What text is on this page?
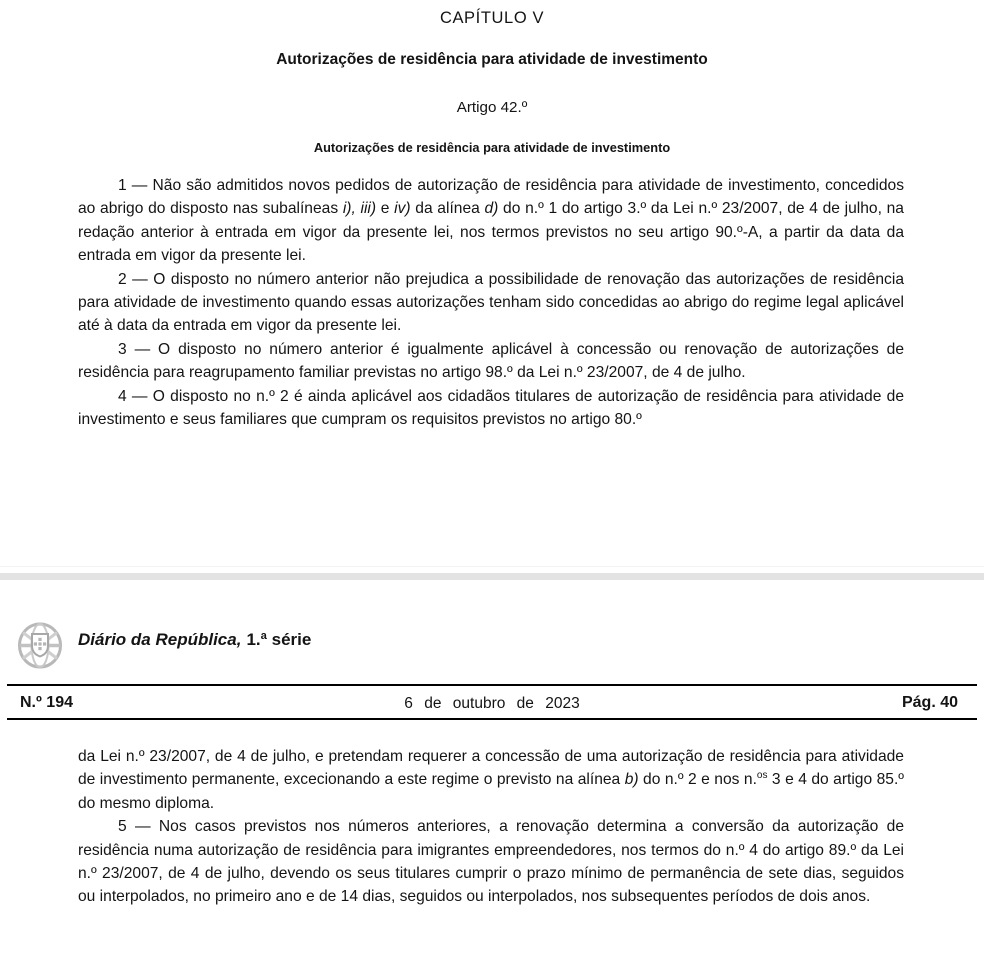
CAPÍTULO V
Autorizações de residência para atividade de investimento
Artigo 42.º
Autorizações de residência para atividade de investimento

1 — Não são admitidos novos pedidos de autorização de residência para atividade de investimento, concedidos ao abrigo do disposto nas subalíneas i), iii) e iv) da alínea d) do n.º 1 do artigo 3.º da Lei n.º 23/2007, de 4 de julho, na redação anterior à entrada em vigor da presente lei, nos termos previstos no seu artigo 90.º-A, a partir da data da entrada em vigor da presente lei.

2 — O disposto no número anterior não prejudica a possibilidade de renovação das autorizações de residência para atividade de investimento quando essas autorizações tenham sido concedidas ao abrigo do regime legal aplicável até à data da entrada em vigor da presente lei.

3 — O disposto no número anterior é igualmente aplicável à concessão ou renovação de autorizações de residência para reagrupamento familiar previstas no artigo 98.º da Lei n.º 23/2007, de 4 de julho.

4 — O disposto no n.º 2 é ainda aplicável aos cidadãos titulares de autorização de residência para atividade de investimento e seus familiares que cumpram os requisitos previstos no artigo 80.º

Diário da República, 1.ª série
N.º 194	6 de outubro de 2023	Pág. 40

da Lei n.º 23/2007, de 4 de julho, e pretendam requerer a concessão de uma autorização de residência para atividade de investimento permanente, excecionando a este regime o previsto na alínea b) do n.º 2 e nos n.$^{os}$ 3 e 4 do artigo 85.º do mesmo diploma.

5 — Nos casos previstos nos números anteriores, a renovação determina a conversão da autorização de residência numa autorização de residência para imigrantes empreendedores, nos termos do n.º 4 do artigo 89.º da Lei n.º 23/2007, de 4 de julho, devendo os seus titulares cumprir o prazo mínimo de permanência de sete dias, seguidos ou interpolados, no primeiro ano e de 14 dias, seguidos ou interpolados, nos subsequentes períodos de dois anos.
